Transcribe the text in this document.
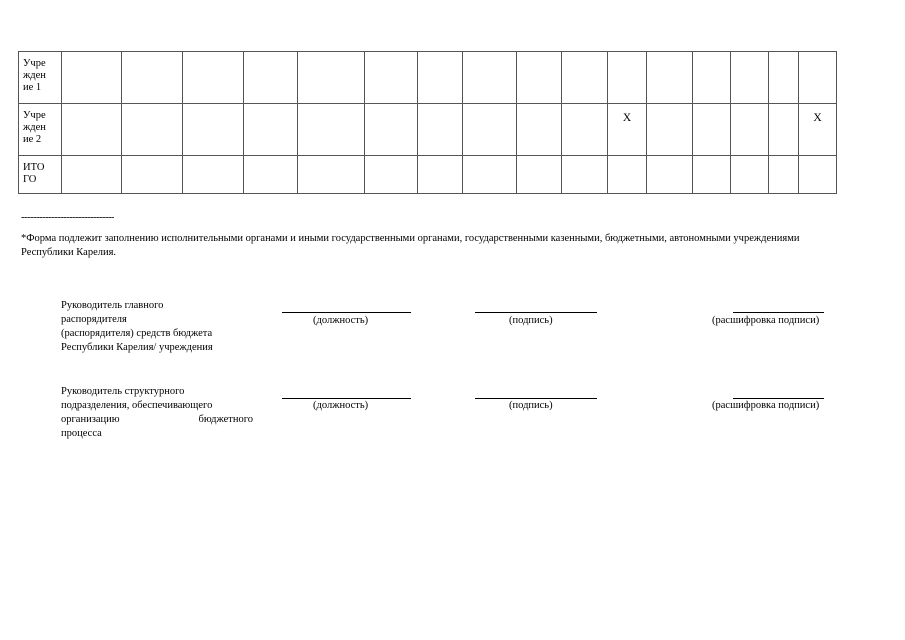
Учре
жден
ие 1																

Учре
жден
ие 2											X					X

ИТО
ГО																

-------------------------------
*Форма подлежит заполнению исполнительными органами и иными государственными органами, государственными казенными, бюджетными, автономными учреждениями Республики Карелия.
Руководитель главного
распорядителя
(распорядителя) средств бюджета
Республики Карелия/ учреждения
(должность)	(подпись)	(расшифровка подписи)
Руководитель структурного
подразделения, обеспечивающего
организацию бюджетного
процесса
(должность)	(подпись)	(расшифровка подписи)
